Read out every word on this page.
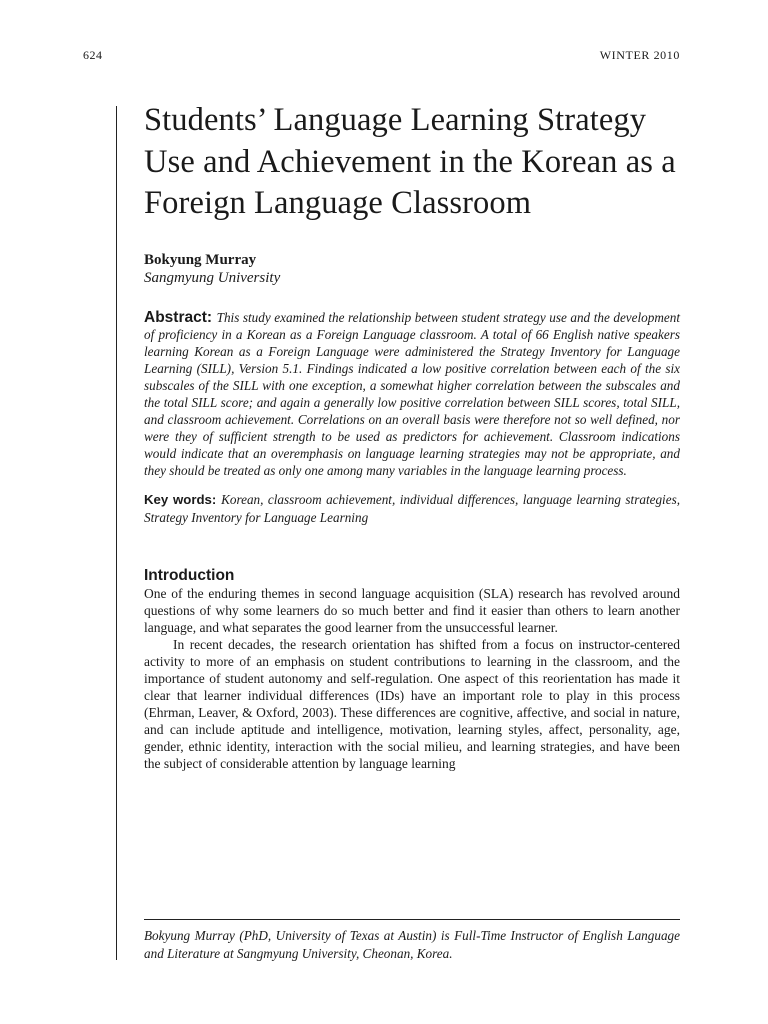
624	WINTER 2010
Students’ Language Learning Strategy Use and Achievement in the Korean as a Foreign Language Classroom
Bokyung Murray
Sangmyung University
Abstract: This study examined the relationship between student strategy use and the development of proficiency in a Korean as a Foreign Language classroom. A total of 66 English native speakers learning Korean as a Foreign Language were administered the Strategy Inventory for Language Learning (SILL), Version 5.1. Findings indicated a low positive correlation between each of the six subscales of the SILL with one exception, a somewhat higher correlation between the subscales and the total SILL score; and again a generally low positive correlation between SILL scores, total SILL, and classroom achievement. Correlations on an overall basis were therefore not so well defined, nor were they of sufficient strength to be used as predictors for achievement. Classroom indications would indicate that an overemphasis on language learning strategies may not be appropriate, and they should be treated as only one among many variables in the language learning process.
Key words: Korean, classroom achievement, individual differences, language learning strategies, Strategy Inventory for Language Learning
Introduction

One of the enduring themes in second language acquisition (SLA) research has revolved around questions of why some learners do so much better and find it easier than others to learn another language, and what separates the good learner from the unsuccessful learner.

In recent decades, the research orientation has shifted from a focus on instructor-centered activity to more of an emphasis on student contributions to learning in the classroom, and the importance of student autonomy and self-regulation. One aspect of this reorientation has made it clear that learner individual differences (IDs) have an important role to play in this process (Ehrman, Leaver, & Oxford, 2003). These differences are cognitive, affective, and social in nature, and can include aptitude and intelligence, motivation, learning styles, affect, personality, age, gender, ethnic identity, interaction with the social milieu, and learning strategies, and have been the subject of considerable attention by language learning

Bokyung Murray (PhD, University of Texas at Austin) is Full-Time Instructor of English Language and Literature at Sangmyung University, Cheonan, Korea.
